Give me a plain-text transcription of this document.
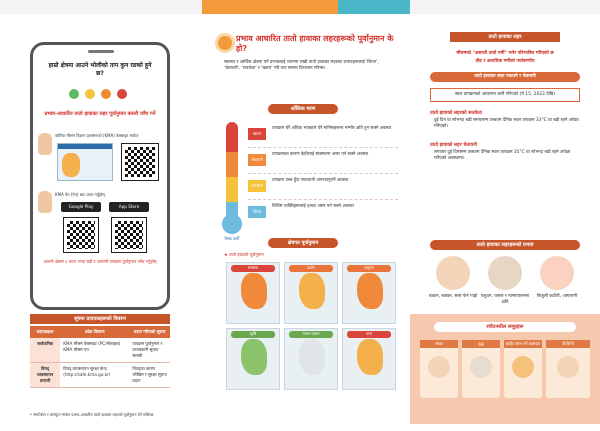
हाम्रो क्षेत्रमा आउने भोलीको ताप कुन रङको हुने छ?
प्रभाव-आधारित तातो हावाका लहर पूर्वानुमान कसरी जाँच गर्ने
कोरिया मौसम विज्ञान प्रशासनको (KMA) वेबसाइट मार्फत
KMA ऐप (ऐप) बाट प्राप्त गर्नुहोस्
Google Play	App Store
आफ्नो क्षेत्रमा ६ घण्टा भन्दा बढी र आगामी तापक्रम पूर्वानुमान जाँच गर्नुहोस्
सूचना प्रदायकहरूको विवरण
प्रदायकहरू	प्रदेश विवरण	प्रदान गरिएको सूचना
सार्वजनिक	KMA मौसम वेबसाइट (PC/मोबाइल)
KMA मौसम एप	तापक्रम पूर्वानुमान र प्रभावकारी सूचना सामग्री
विपद् व्यवस्थापन प्रणाली	विपद् व्यवस्थापन सुरक्षा केन्द्र (http://safe.kma.go.kr)	विपद्का कारण जोखिम र सुरक्षा सूचना प्रदान
* स्मार्टफोन र कम्प्युटर मार्फत प्रभाव-आधारित तातो हावाका लहरको पूर्वानुमान हेर्न सकिन्छ
प्रभाव आधारित तातो हावाका लहरहरूको पूर्वानुमान के हो?
स्वास्थ्य र आर्थिक क्षेत्रमा पर्ने प्रभावलाई ध्यानमा राखी तातो हावाका लहरका प्रभावहरूलाई 'चिन्ता', 'चेतावनी', 'सतर्कता' र 'खतरा' गरी चार स्तरमा विभाजन गरिन्छ।
आँकिक चरण
रिस्क पार्टी
खतरा
तापक्रम धेरै अधिक भएकाले धेरै मानिसहरूमा गम्भीर क्षति हुन सक्ने अवस्था
चेतावनी
तापक्रमका कारण केहीलाई स्वास्थ्यमा असर पर्न सक्ने अवस्था
सतर्कता
तापक्रम उच्च हुँदा सावधानी अपनाउनुपर्ने अवस्था
चिन्ता
विशिष्ट व्यक्तिहरूलाई हल्का असर पर्न सक्ने अवस्था
क्षेत्रगत पूर्वानुमान
★ तातो हावाको पूर्वानुमान
स्वास्थ्य	उद्योग	पशुधन
कृषि	मत्स्य पालन	अन्य
तातो हावाका लहर
मौसमको "असाध्यै तातो गर्मी" भनेर परिभाषित गरिएको छ
तीव्र र अत्यधिक गर्मीको पर्यावरणीय
तातो हावाका लहर पठाउने र चेतावनी
स्थल तापक्रमको आधारमा जारी गरिएको (मे 15, 2023 देखि)
तातो हावाको लहरको सतर्कता
दुई दिन वा सोभन्दा बढी समयसम्म उच्चतम दैनिक स्थल तापक्रम 33°C वा बढी रहने अपेक्षा गरिएको।
तातो हावाको लहर चेतावनी
लगातार दुई दिनसम्म उच्चतम दैनिक स्थल तापक्रम 35°C वा सोभन्दा बढी रहने अपेक्षा गरिएको अवस्थामा।
तातो हावाका लहरहरूको प्रभाव
थकान, चक्कर, सास फेर्न गाह्रो पशुधन, फसल र मत्स्यपालनमा क्षति
बिजुली कटौती, आगलागी
संवेदनशील समूहहरू
बच्चा	वृद्ध	बाहिर काम गर्ने कामदार	दीर्घरोगी
